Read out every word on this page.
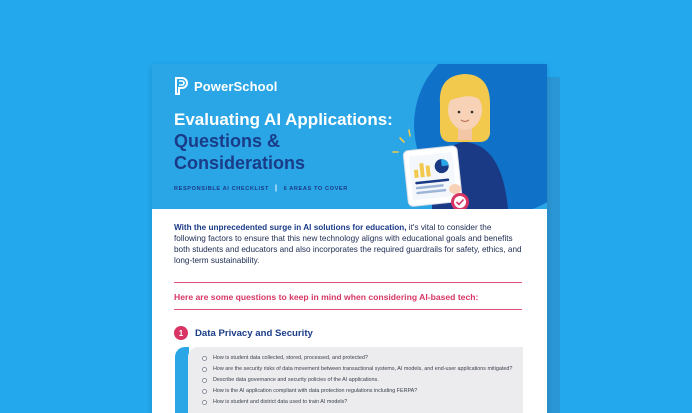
PowerSchool
Evaluating AI Applications:
Questions & Considerations
RESPONSIBLE AI CHECKLIST | 6 AREAS TO COVER

With the unprecedented surge in AI solutions for education, it's vital to consider the following factors to ensure that this new technology aligns with educational goals and benefits both students and educators and also incorporates the required guardrails for safety, ethics, and long-term sustainability.

Here are some questions to keep in mind when considering AI-based tech:
1	Data Privacy and Security
How is student data collected, stored, processed, and protected?
How are the security risks of data movement between transactional systems, AI models, and end-user applications mitigated?
Describe data governance and security policies of the AI applications.
How is the AI application compliant with data protection regulations including FERPA?
How is student and district data used to train AI models?
